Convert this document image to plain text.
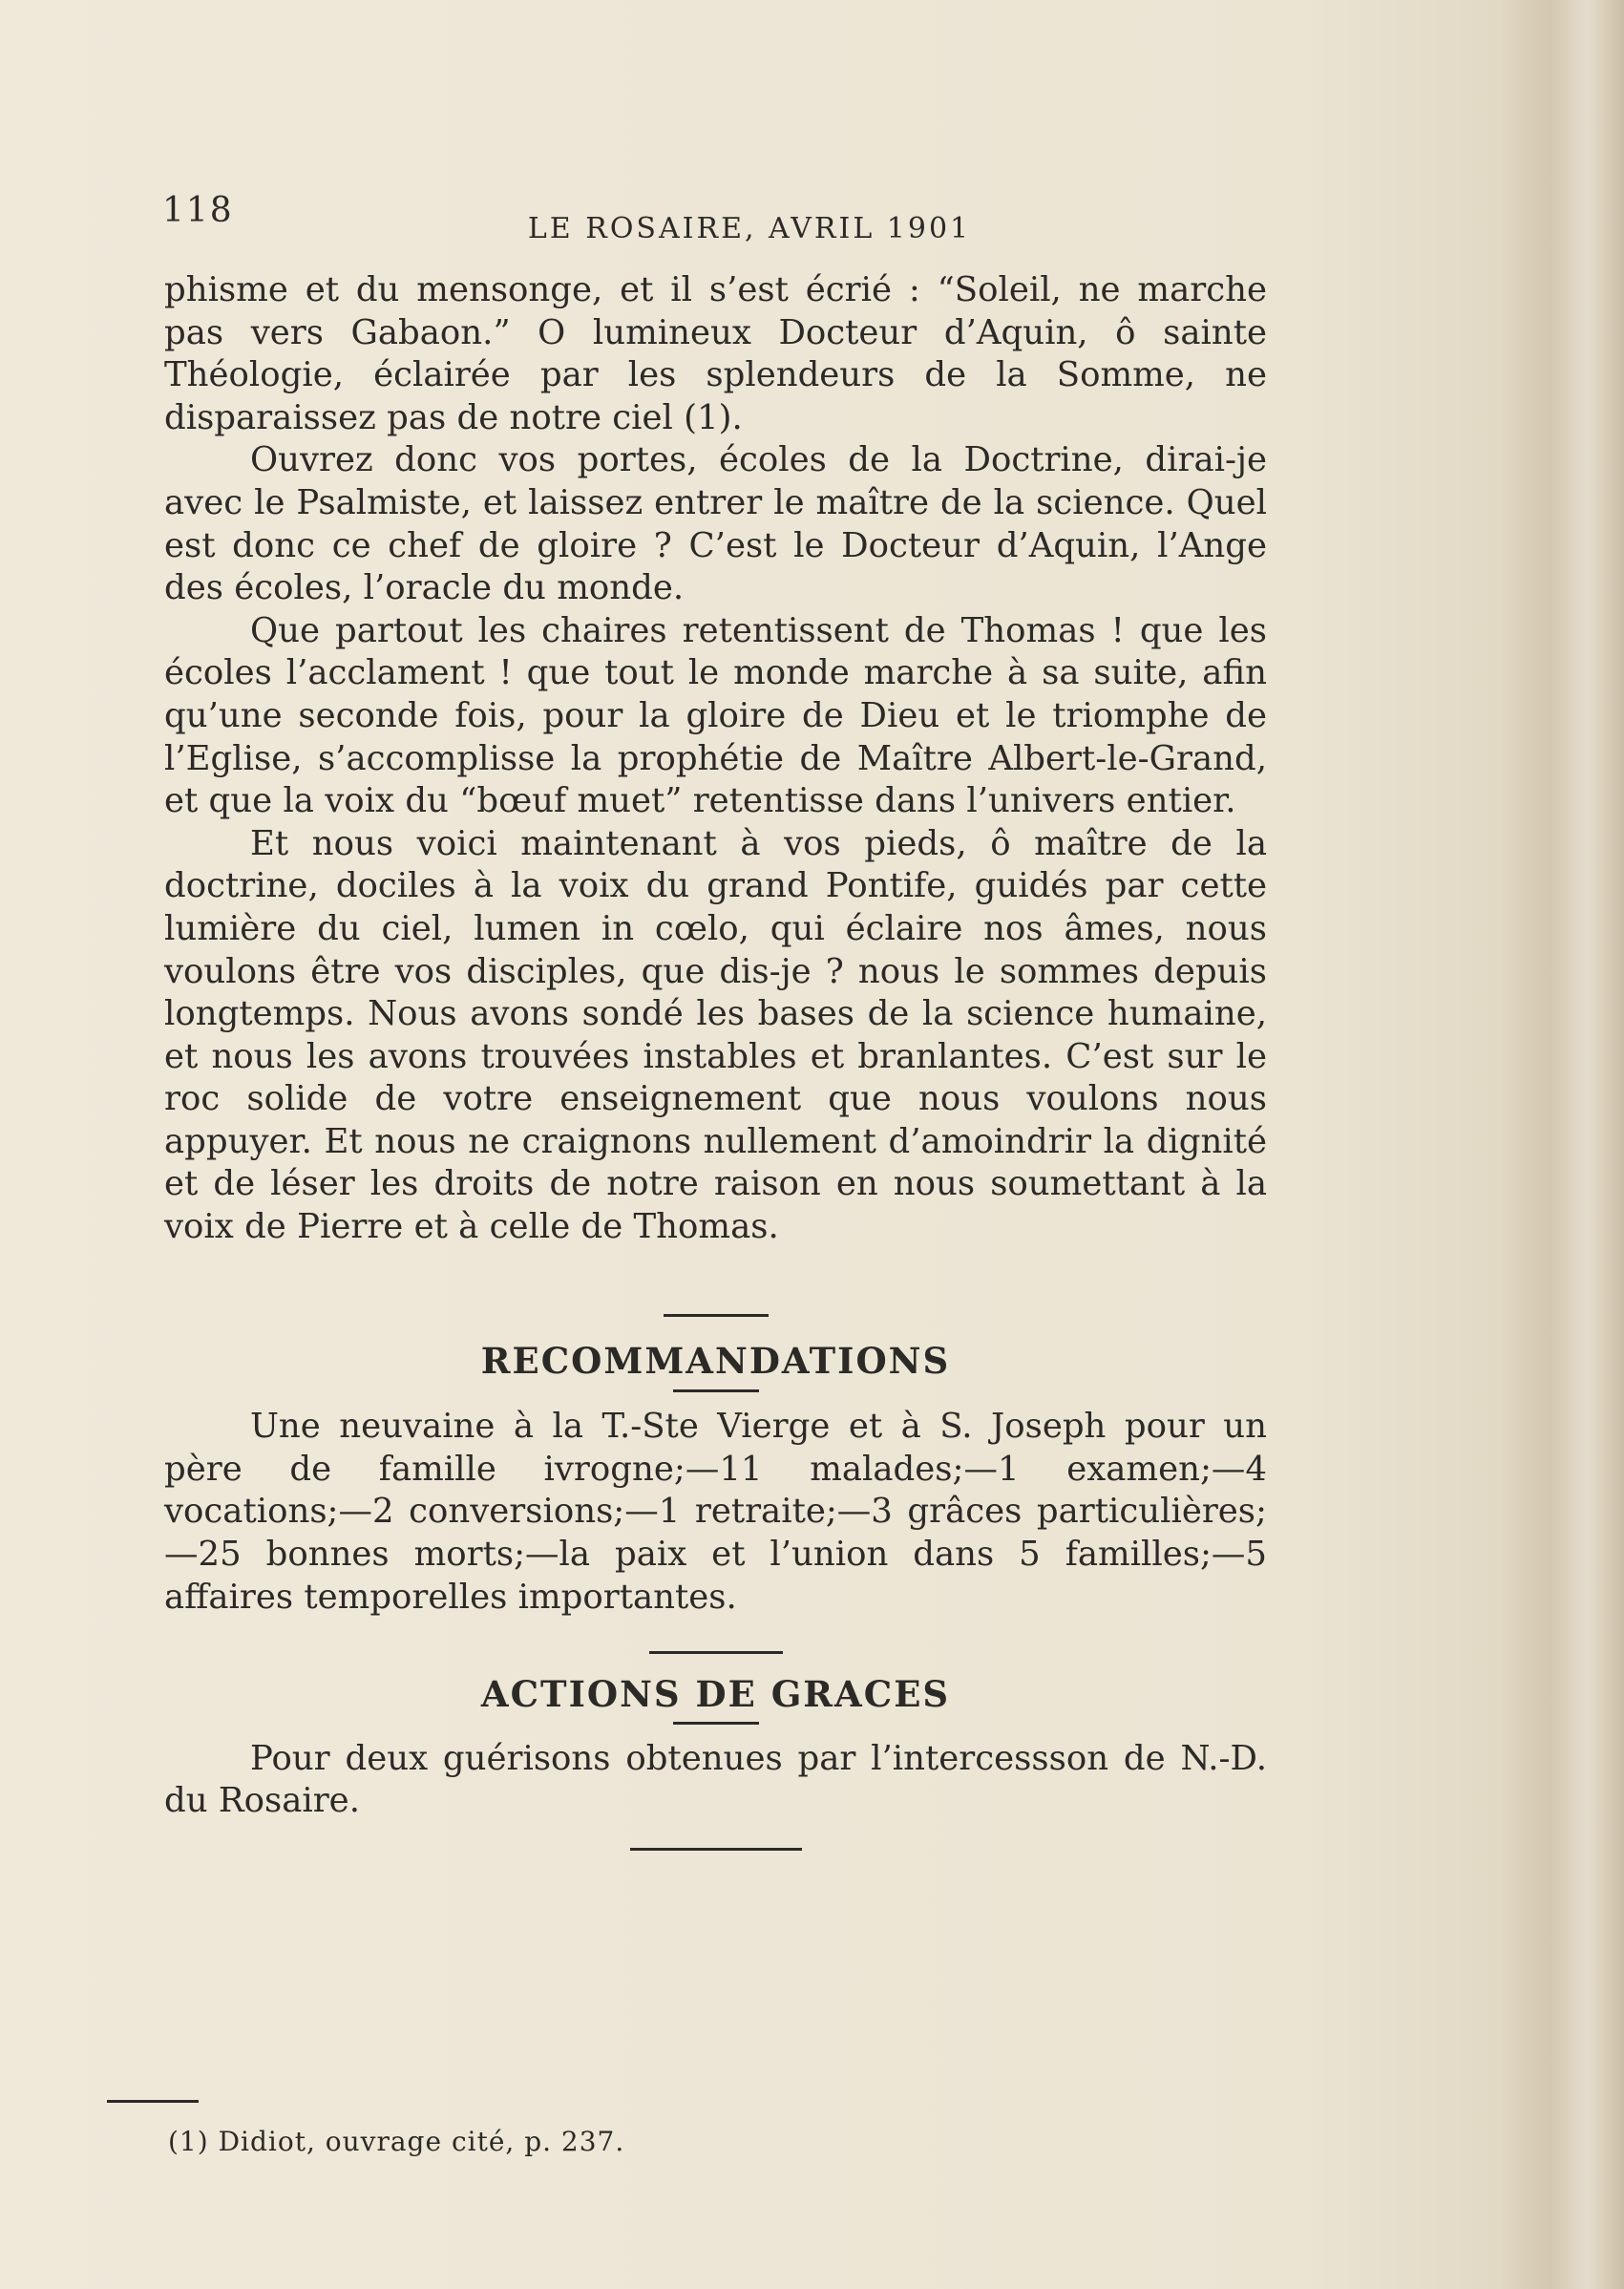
118	LE ROSAIRE, AVRIL 1901

phisme et du mensonge, et il s’est écrié : “Soleil, ne marche pas vers Gabaon.” O lumineux Docteur d’Aquin, ô sainte Théologie, éclairée par les splendeurs de la Somme, ne disparaissez pas de notre ciel (1).

Ouvrez donc vos portes, écoles de la Doctrine, dirai-je avec le Psalmiste, et laissez entrer le maître de la science. Quel est donc ce chef de gloire ? C’est le Docteur d’Aquin, l’Ange des écoles, l’oracle du monde.

Que partout les chaires retentissent de Thomas ! que les écoles l’acclament ! que tout le monde marche à sa suite, afin qu’une seconde fois, pour la gloire de Dieu et le triomphe de l’Eglise, s’accomplisse la prophétie de Maître Albert-le-Grand, et que la voix du “bœuf muet” retentisse dans l’univers entier.

Et nous voici maintenant à vos pieds, ô maître de la doctrine, dociles à la voix du grand Pontife, guidés par cette lumière du ciel, lumen in cœlo, qui éclaire nos âmes, nous voulons être vos disciples, que dis-je ? nous le sommes depuis longtemps. Nous avons sondé les bases de la science humaine, et nous les avons trouvées instables et branlantes. C’est sur le roc solide de votre enseignement que nous voulons nous appuyer. Et nous ne craignons nullement d’amoindrir la dignité et de léser les droits de notre raison en nous soumettant à la voix de Pierre et à celle de Thomas.

RECOMMANDATIONS

Une neuvaine à la T.-Ste Vierge et à S. Joseph pour un père de famille ivrogne;—11 malades;—1 examen;—4 vocations;—2 conversions;—1 retraite;—3 grâces particulières;—25 bonnes morts;—la paix et l’union dans 5 familles;—5 affaires temporelles importantes.

ACTIONS DE GRACES

Pour deux guérisons obtenues par l’intercessson de N.-D. du Rosaire.

(1) Didiot, ouvrage cité, p. 237.
